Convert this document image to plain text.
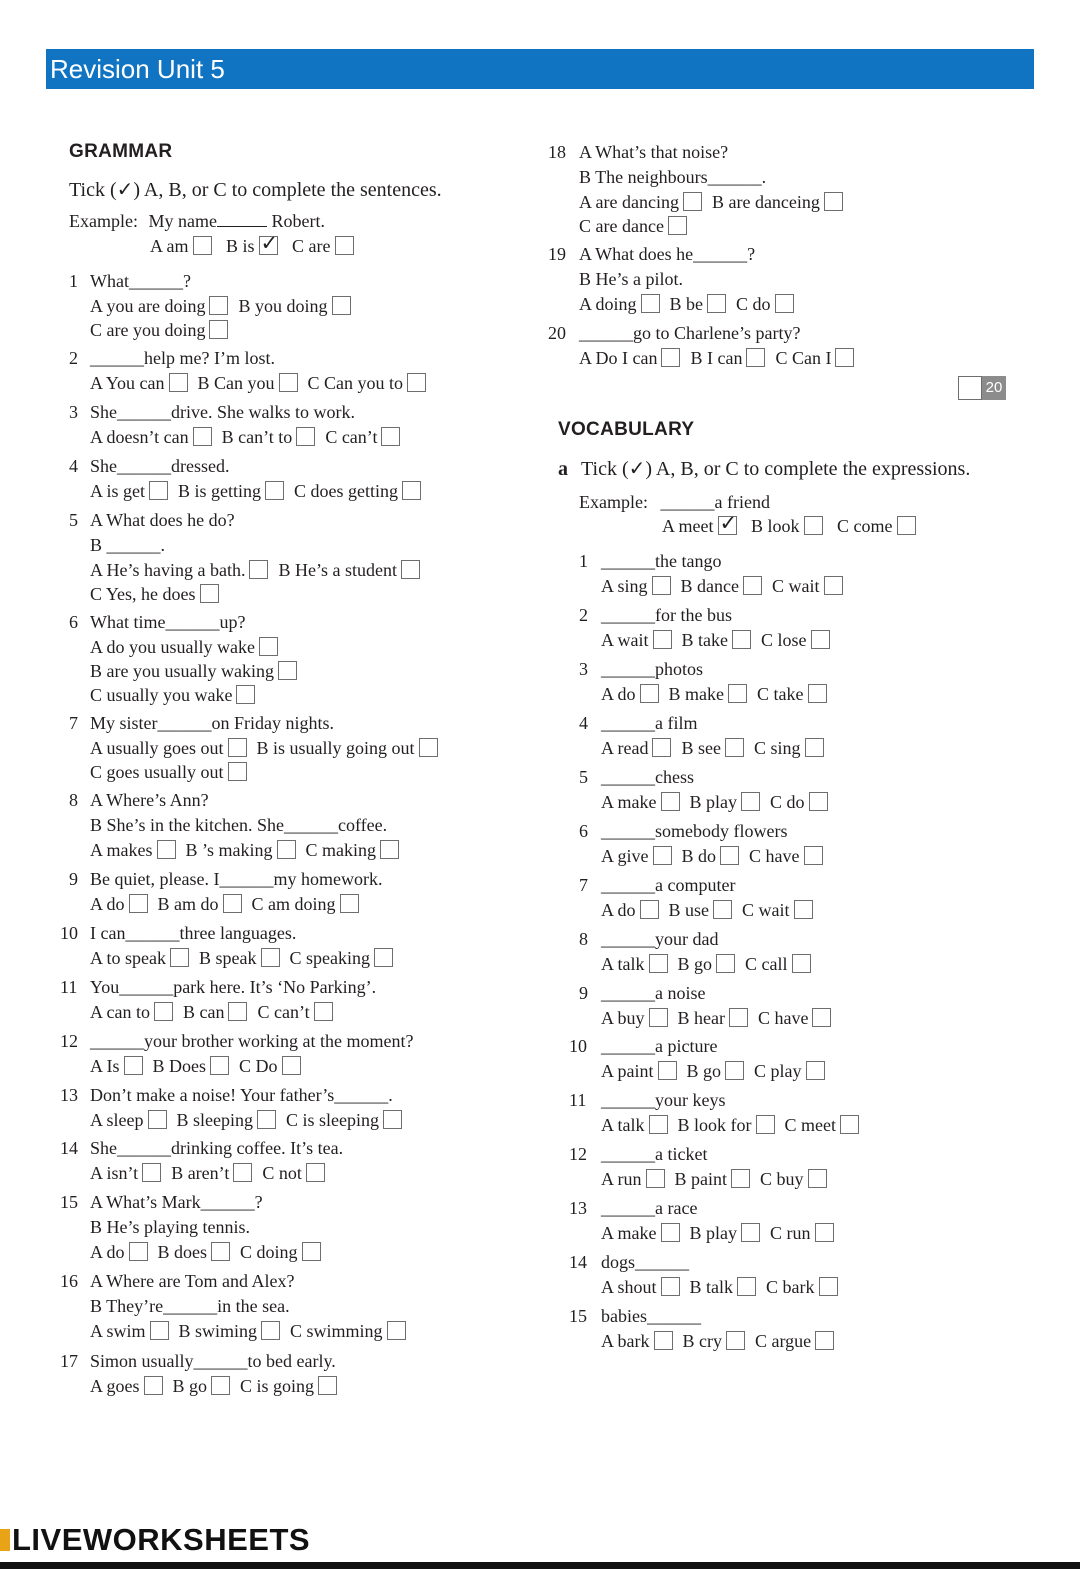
Revision Unit 5
GRAMMAR
Tick (✓) A, B, or C to complete the sentences.
Example: My name	Robert.
A am B is ✓ C are
1 What______?
A you are doing B you doing
C are you doing
2 ______help me? I’m lost.
A You can B Can you C Can you to
3 She______drive. She walks to work.
A doesn’t can B can’t to C can’t
4 She______dressed.
A is get B is getting C does getting
5 A What does he do?
B ______.
A He’s having a bath. B He’s a student
C Yes, he does
6 What time______up?
A do you usually wake
B are you usually waking
C usually you wake
7 My sister______on Friday nights.
A usually goes out B is usually going out
C goes usually out
8 A Where’s Ann?
B She’s in the kitchen. She______coffee.
A makes B ’s making C making
9 Be quiet, please. I______my homework.
A do B am do C am doing
10 I can______three languages.
A to speak B speak C speaking
11 You______park here. It’s ‘No Parking’.
A can to B can C can’t
12 ______your brother working at the moment?
A Is B Does C Do
13 Don’t make a noise! Your father’s______.
A sleep B sleeping C is sleeping
14 She______drinking coffee. It’s tea.
A isn’t B aren’t C not
15 A What’s Mark______?
B He’s playing tennis.
A do B does C doing
16 A Where are Tom and Alex?
B They’re______in the sea.
A swim B swiming C swimming
17 Simon usually______to bed early.
A goes B go C is going
18 A What’s that noise?
B The neighbours______.
A are dancing B are danceing
C are dance
19 A What does he______?
B He’s a pilot.
A doing B be C do
20 ______go to Charlene’s party?
A Do I can B I can C Can I
20
VOCABULARY
a Tick (✓) A, B, or C to complete the expressions.
Example: ______a friend
A meet ✓ B look C come
1 ______the tango
A sing B dance C wait
2 ______for the bus
A wait B take C lose
3 ______photos
A do B make C take
4 ______a film
A read B see C sing
5 ______chess
A make B play C do
6 ______somebody flowers
A give B do C have
7 ______a computer
A do B use C wait
8 ______your dad
A talk B go C call
9 ______a noise
A buy B hear C have
10 ______a picture
A paint B go C play
11 ______your keys
A talk B look for C meet
12 ______a ticket
A run B paint C buy
13 ______a race
A make B play C run
14 dogs______
A shout B talk C bark
15 babies______
A bark B cry C argue
LIVEWORKSHEETS
